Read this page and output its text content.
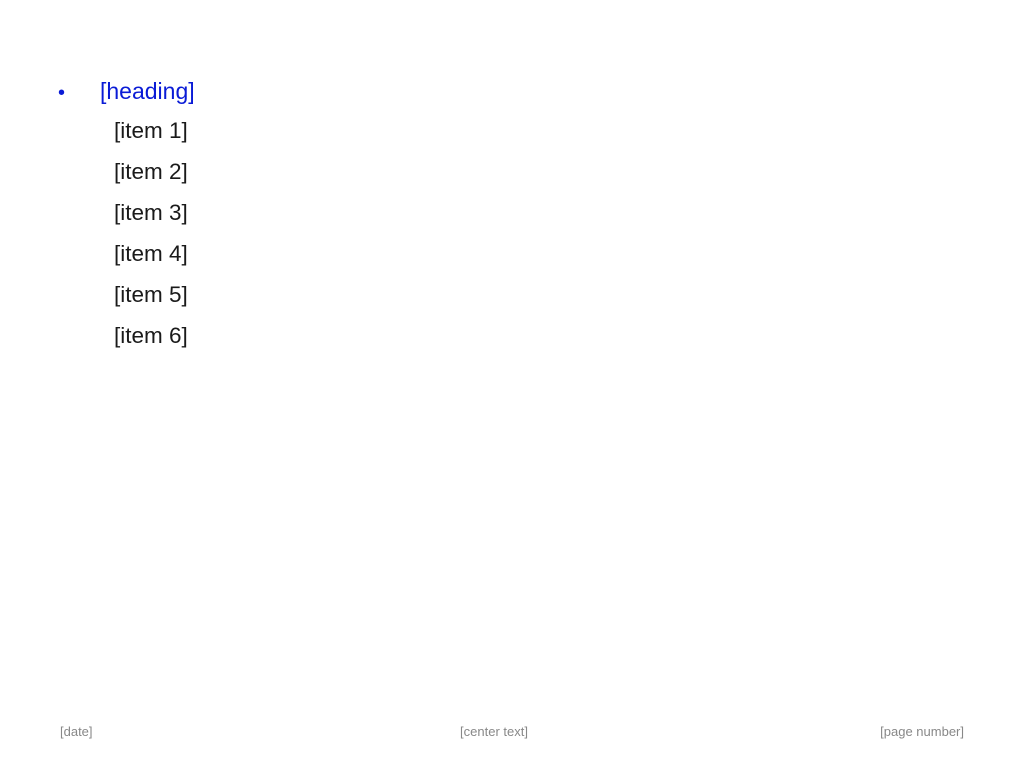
•	[heading]
[item 1]
[item 2]
[item 3]
[item 4]
[item 5]
[item 6]
[date]	[center text]	[page number]
